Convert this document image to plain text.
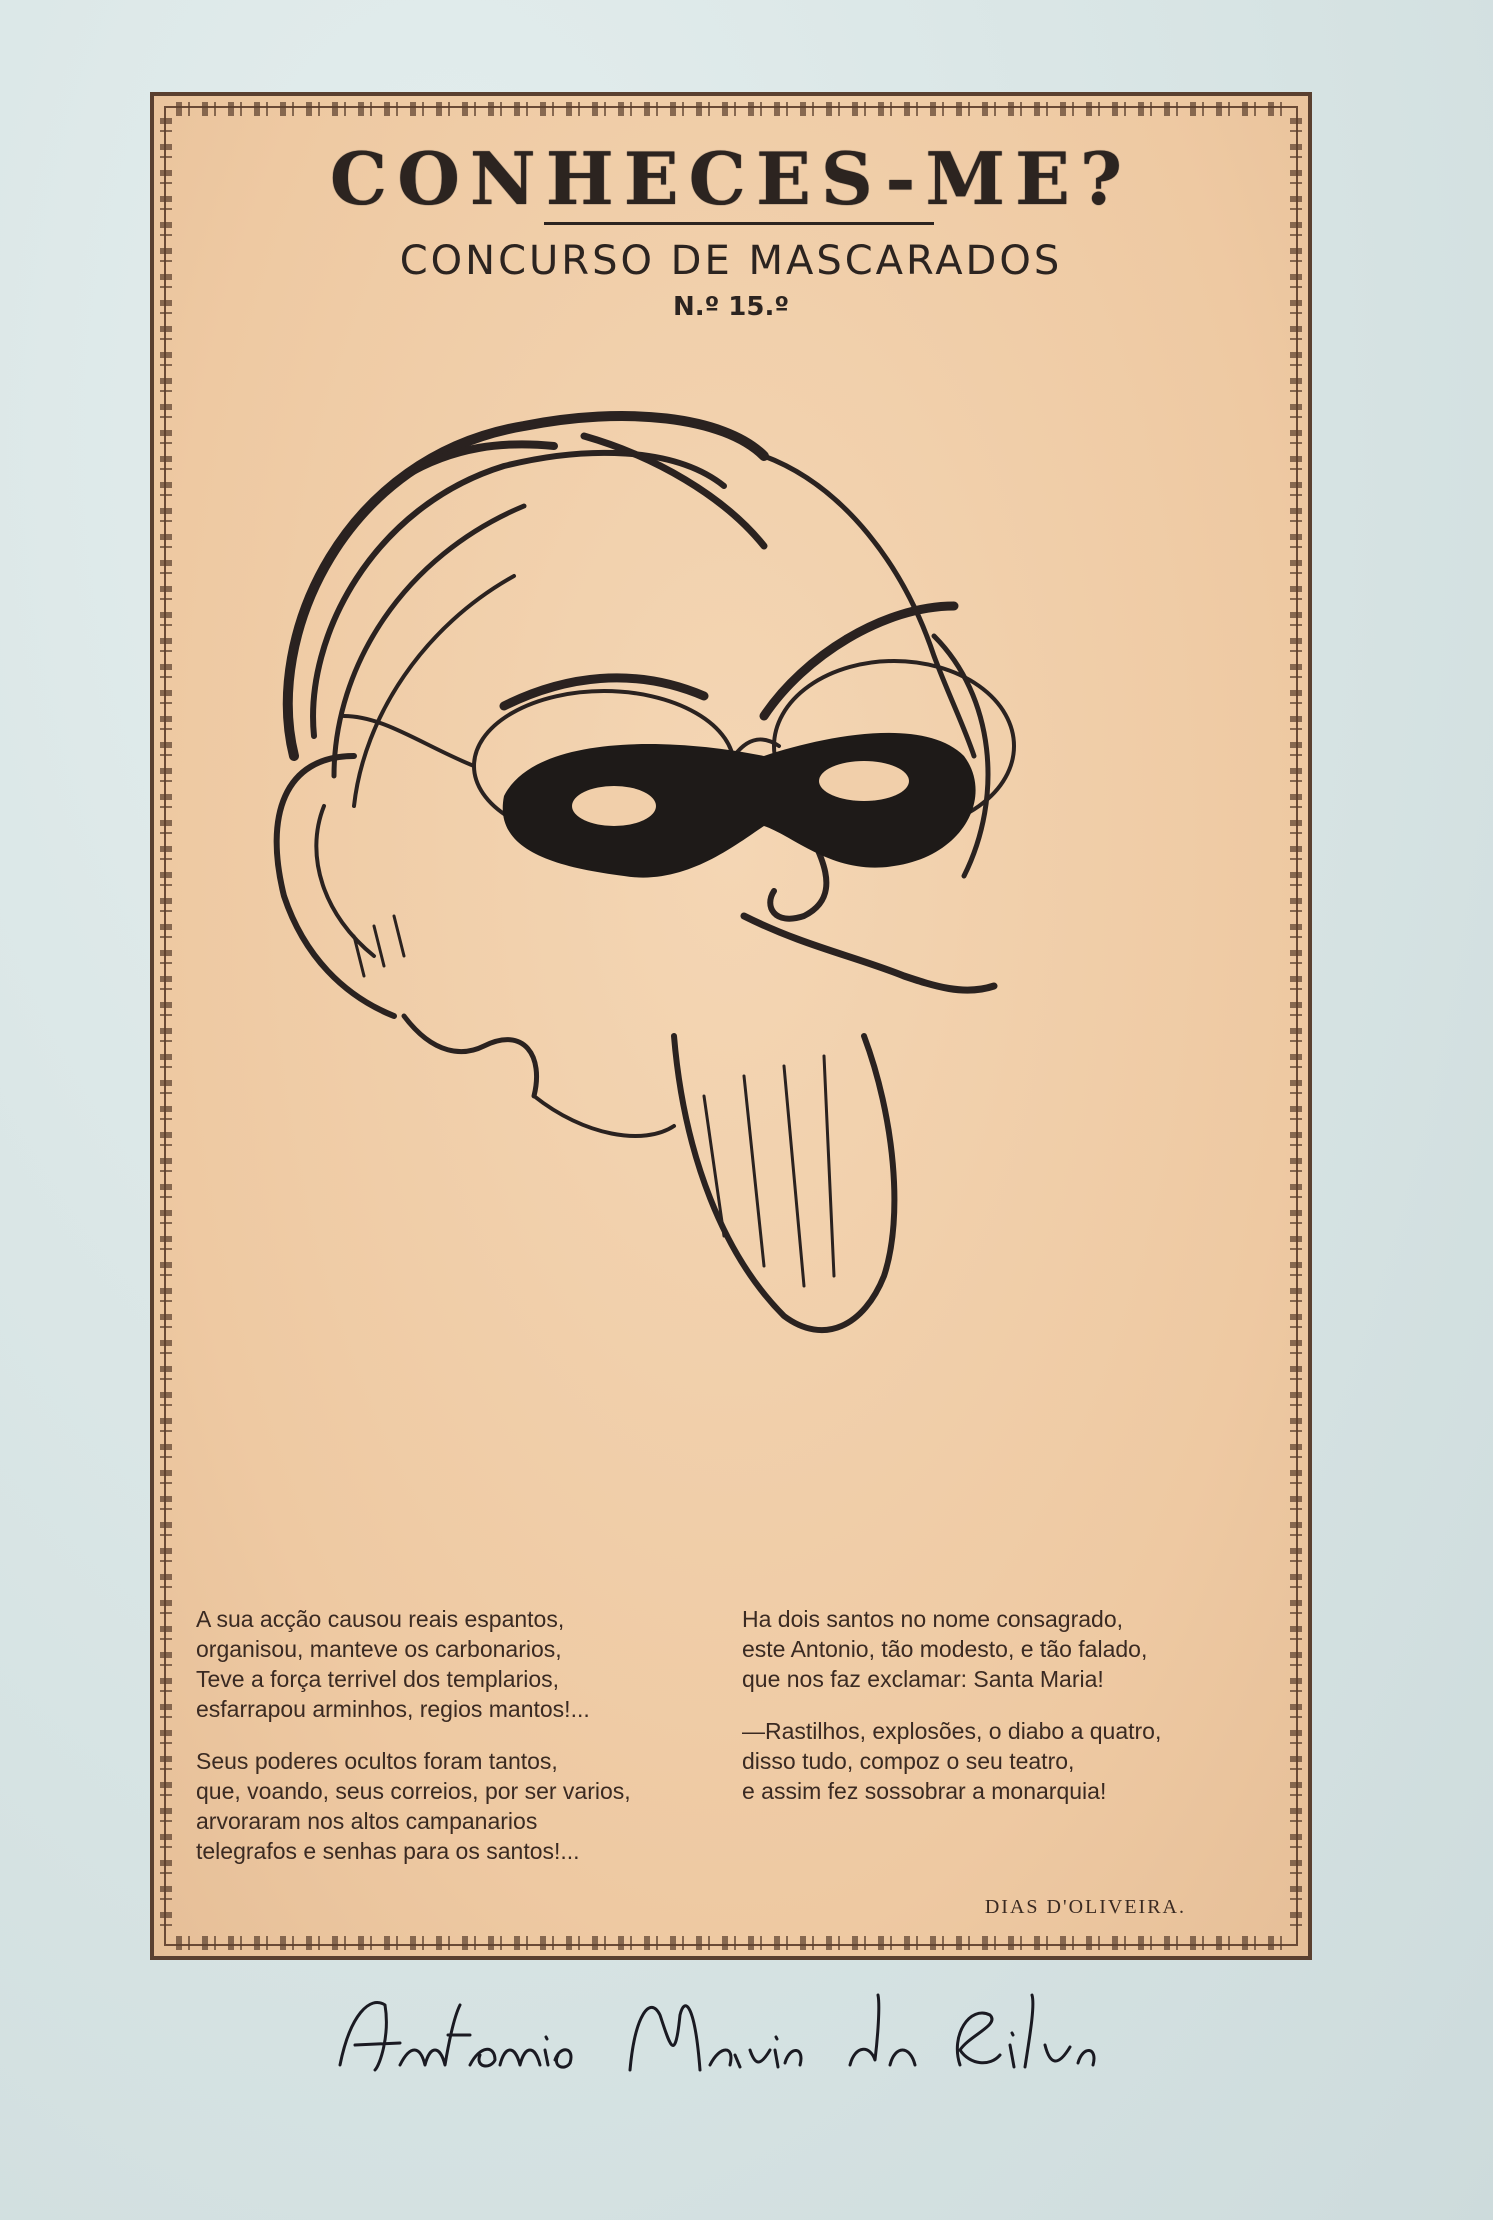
CONHECES-ME?
CONCURSO DE MASCARADOS
N.º 15.º
A sua acção causou reais espantos,
organisou, manteve os carbonarios,
Teve a força terrivel dos templarios,
esfarrapou arminhos, regios mantos!...
Seus poderes ocultos foram tantos,
que, voando, seus correios, por ser varios,
arvoraram nos altos campanarios
telegrafos e senhas para os santos!...
Ha dois santos no nome consagrado,
este Antonio, tão modesto, e tão falado,
que nos faz exclamar: Santa Maria!
—Rastilhos, explosões, o diabo a quatro,
disso tudo, compoz o seu teatro,
e assim fez sossobrar a monarquia!
DIAS D'OLIVEIRA.
Antonio Maria da Silva
